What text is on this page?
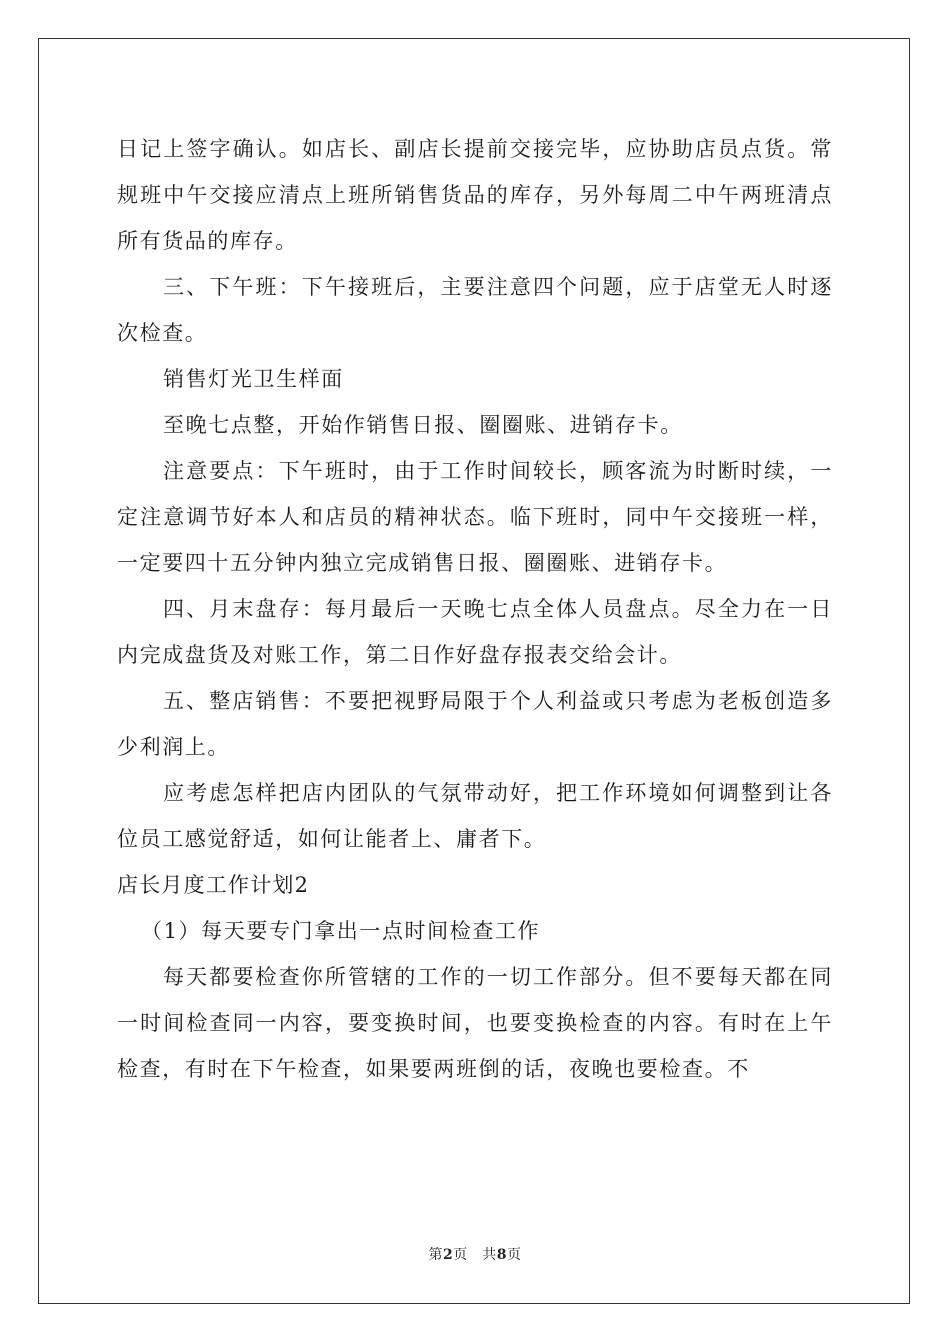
日记上签字确认。如店长、副店长提前交接完毕，应协助店员点货。常规班中午交接应清点上班所销售货品的库存，另外每周二中午两班清点所有货品的库存。

三、下午班：下午接班后，主要注意四个问题，应于店堂无人时逐次检查。

销售灯光卫生样面

至晚七点整，开始作销售日报、圈圈账、进销存卡。

注意要点：下午班时，由于工作时间较长，顾客流为时断时续，一定注意调节好本人和店员的精神状态。临下班时，同中午交接班一样，一定要四十五分钟内独立完成销售日报、圈圈账、进销存卡。

四、月末盘存：每月最后一天晚七点全体人员盘点。尽全力在一日内完成盘货及对账工作，第二日作好盘存报表交给会计。

五、整店销售：不要把视野局限于个人利益或只考虑为老板创造多少利润上。

应考虑怎样把店内团队的气氛带动好，把工作环境如何调整到让各位员工感觉舒适，如何让能者上、庸者下。

店长月度工作计划2

（1）每天要专门拿出一点时间检查工作

每天都要检查你所管辖的工作的一切工作部分。但不要每天都在同一时间检查同一内容，要变换时间，也要变换检查的内容。有时在上午检查，有时在下午检查，如果要两班倒的话，夜晚也要检查。不

第2页　共8页
